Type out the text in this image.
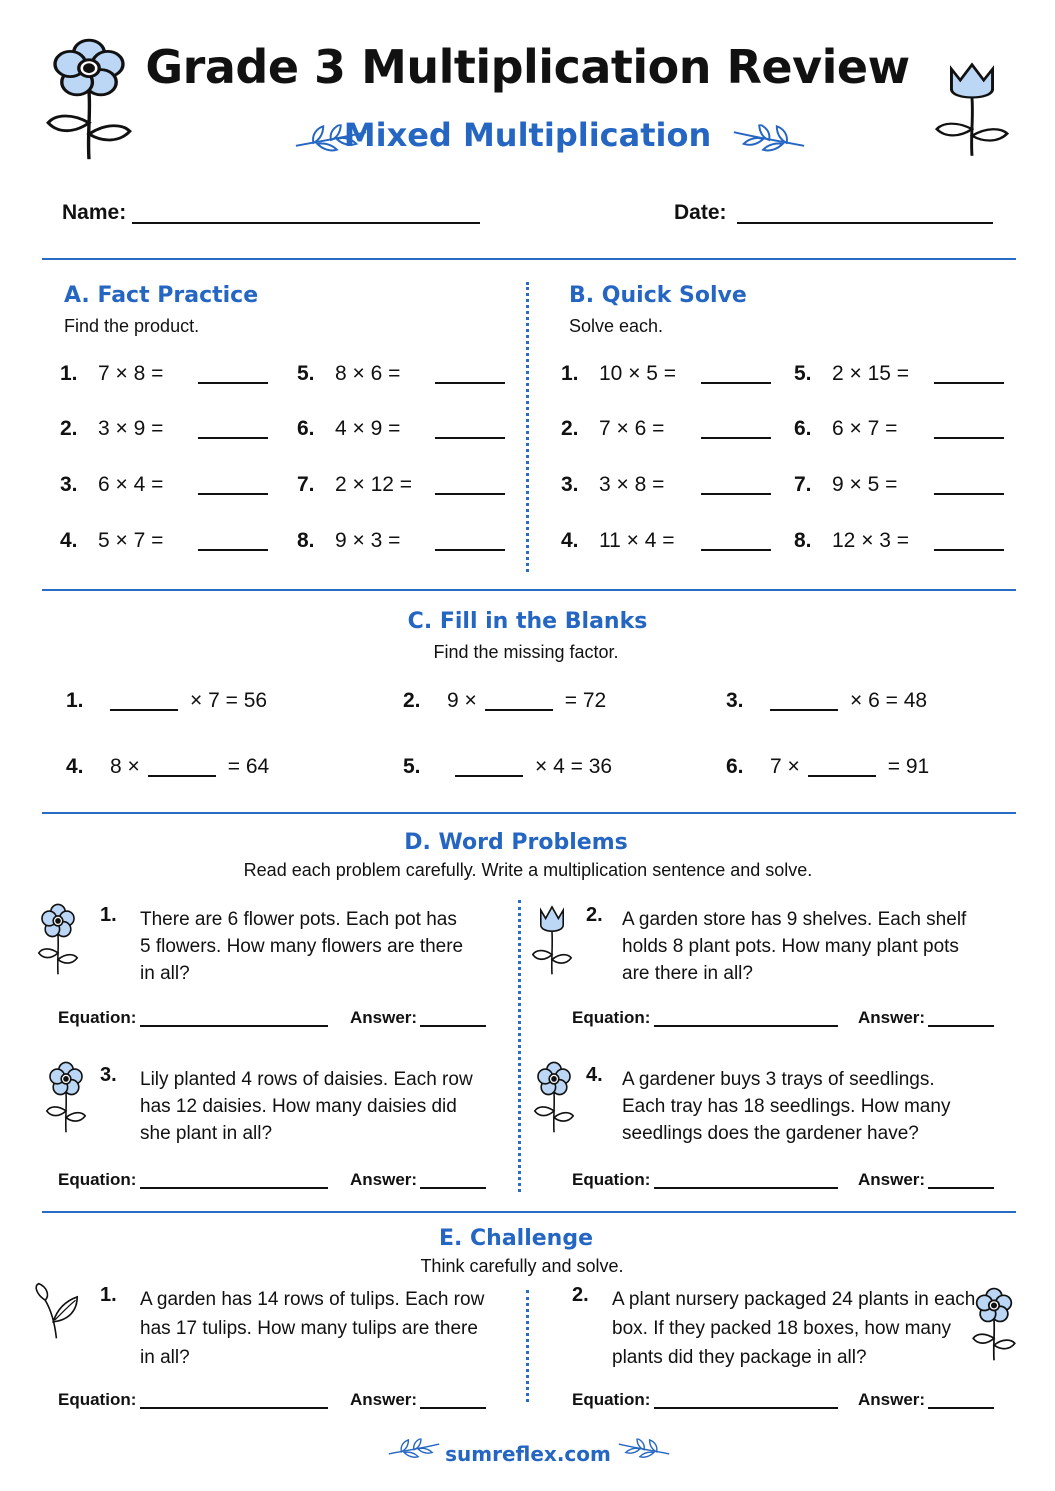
Grade 3 Multiplication Review
Mixed Multiplication
Name:	Date:
A. Fact Practice
Find the product.
1. 7 × 8 =
2. 3 × 9 =
3. 6 × 4 =
4. 5 × 7 =
5. 8 × 6 =
6. 4 × 9 =
7. 2 × 12 =
8. 9 × 3 =
B. Quick Solve
Solve each.
1. 10 × 5 =
2. 7 × 6 =
3. 3 × 8 =
4. 11 × 4 =
5. 2 × 15 =
6. 6 × 7 =
7. 9 × 5 =
8. 12 × 3 =
C. Fill in the Blanks
Find the missing factor.
1.	× 7 = 56	2.	9 ×	= 72	3.	× 6 = 48
4.	8 ×	= 64	5.	× 4 = 36	6.	7 ×	= 91
D. Word Problems
Read each problem carefully. Write a multiplication sentence and solve.
1. There are 6 flower pots. Each pot has
5 flowers. How many flowers are there
in all?
Equation:	Answer:
2. A garden store has 9 shelves. Each shelf
holds 8 plant pots. How many plant pots
are there in all?
Equation:	Answer:
3. Lily planted 4 rows of daisies. Each row
has 12 daisies. How many daisies did
she plant in all?
Equation:	Answer:
4. A gardener buys 3 trays of seedlings.
Each tray has 18 seedlings. How many
seedlings does the gardener have?
Equation:	Answer:
E. Challenge
Think carefully and solve.
1. A garden has 14 rows of tulips. Each row
has 17 tulips. How many tulips are there
in all?
Equation:	Answer:
2. A plant nursery packaged 24 plants in each
box. If they packed 18 boxes, how many
plants did they package in all?
Equation:	Answer:
sumreflex.com
